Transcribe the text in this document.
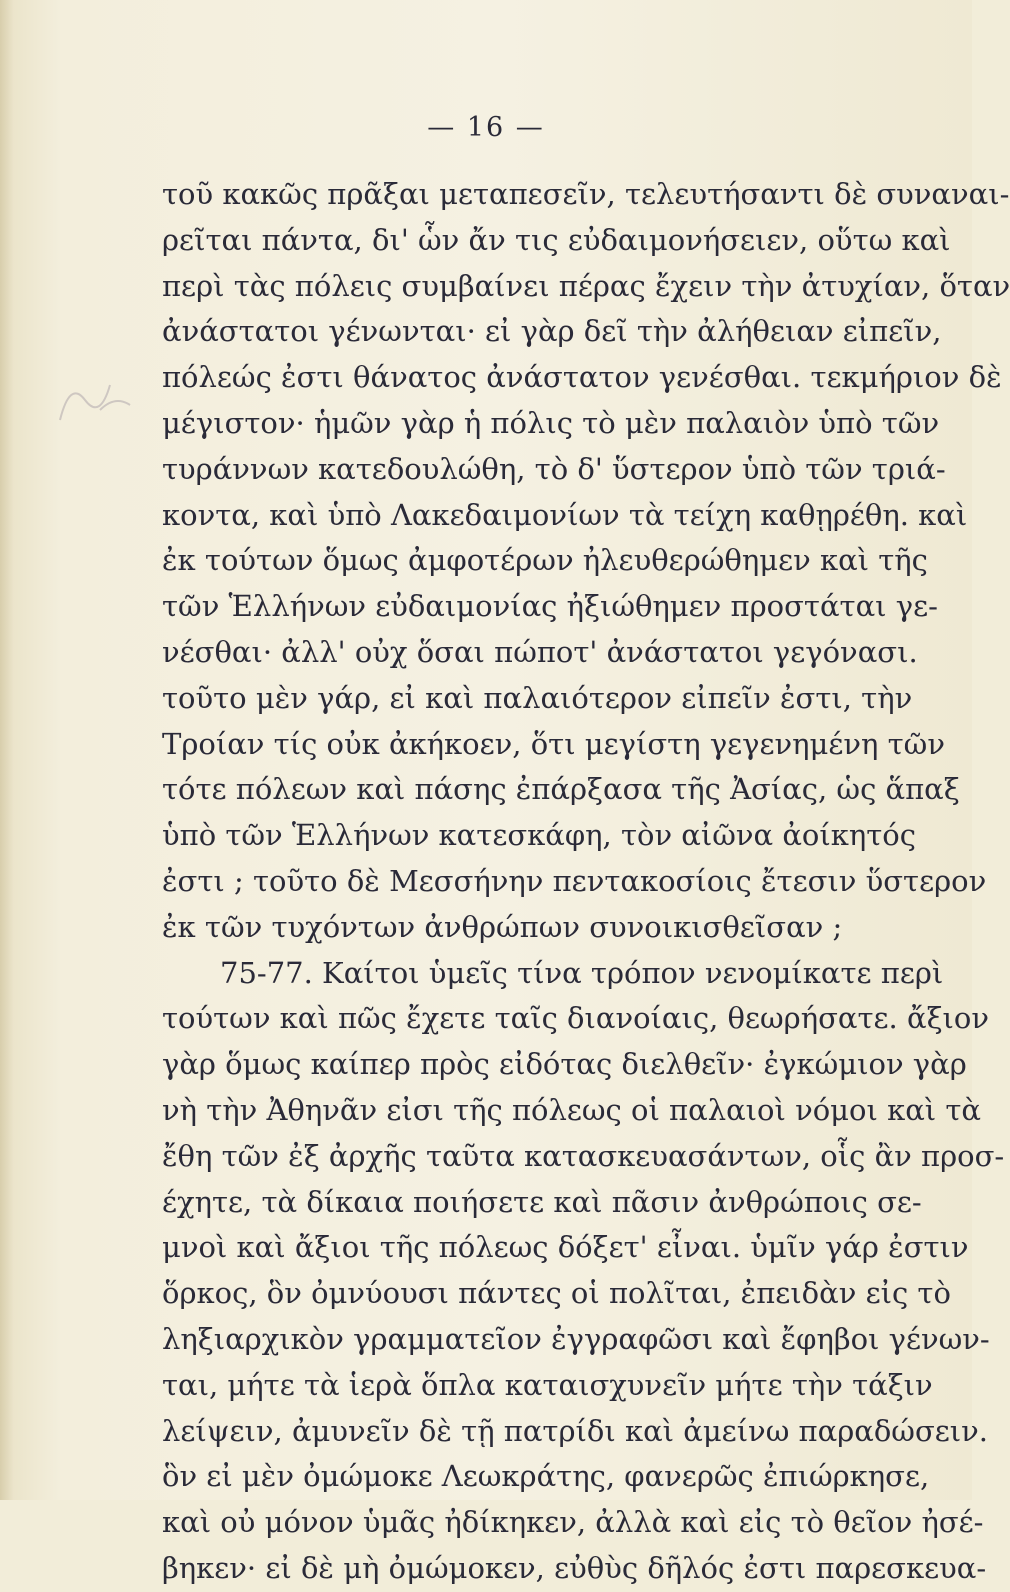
— 16 —
τοῦ κακῶς πρᾶξαι μεταπεσεῖν, τελευτήσαντι δὲ συναναι-
ρεῖται πάντα, δι' ὧν ἄν τις εὐδαιμονήσειεν, οὕτω καὶ
περὶ τὰς πόλεις συμβαίνει πέρας ἔχειν τὴν ἀτυχίαν, ὅταν
ἀνάστατοι γένωνται· εἰ γὰρ δεῖ τὴν ἀλήθειαν εἰπεῖν,
πόλεώς ἐστι θάνατος ἀνάστατον γενέσθαι. τεκμήριον δὲ
μέγιστον· ἡμῶν γὰρ ἡ πόλις τὸ μὲν παλαιὸν ὑπὸ τῶν
τυράννων κατεδουλώθη, τὸ δ' ὕστερον ὑπὸ τῶν τριά-
κοντα, καὶ ὑπὸ Λακεδαιμονίων τὰ τείχη καθῃρέθη. καὶ
ἐκ τούτων ὅμως ἀμφοτέρων ἠλευθερώθημεν καὶ τῆς
τῶν Ἑλλήνων εὐδαιμονίας ἠξιώθημεν προστάται γε-
νέσθαι· ἀλλ' οὐχ ὅσαι πώποτ' ἀνάστατοι γεγόνασι.
τοῦτο μὲν γάρ, εἰ καὶ παλαιότερον εἰπεῖν ἐστι, τὴν
Τροίαν τίς οὐκ ἀκήκοεν, ὅτι μεγίστη γεγενημένη τῶν
τότε πόλεων καὶ πάσης ἐπάρξασα τῆς Ἀσίας, ὡς ἅπαξ
ὑπὸ τῶν Ἑλλήνων κατεσκάφη, τὸν αἰῶνα ἀοίκητός
ἐστι ; τοῦτο δὲ Μεσσήνην πεντακοσίοις ἔτεσιν ὕστερον
ἐκ τῶν τυχόντων ἀνθρώπων συνοικισθεῖσαν ;
75-77. Καίτοι ὑμεῖς τίνα τρόπον νενομίκατε περὶ
τούτων καὶ πῶς ἔχετε ταῖς διανοίαις, θεωρήσατε. ἄξιον
γὰρ ὅμως καίπερ πρὸς εἰδότας διελθεῖν· ἐγκώμιον γὰρ
νὴ τὴν Ἀθηνᾶν εἰσι τῆς πόλεως οἱ παλαιοὶ νόμοι καὶ τὰ
ἔθη τῶν ἐξ ἀρχῆς ταῦτα κατασκευασάντων, οἷς ἂν προσ-
έχητε, τὰ δίκαια ποιήσετε καὶ πᾶσιν ἀνθρώποις σε-
μνοὶ καὶ ἄξιοι τῆς πόλεως δόξετ' εἶναι. ὑμῖν γάρ ἐστιν
ὅρκος, ὃν ὀμνύουσι πάντες οἱ πολῖται, ἐπειδὰν εἰς τὸ
ληξιαρχικὸν γραμματεῖον ἐγγραφῶσι καὶ ἔφηβοι γένων-
ται, μήτε τὰ ἱερὰ ὅπλα καταισχυνεῖν μήτε τὴν τάξιν
λείψειν, ἀμυνεῖν δὲ τῇ πατρίδι καὶ ἀμείνω παραδώσειν.
ὃν εἰ μὲν ὀμώμοκε Λεωκράτης, φανερῶς ἐπιώρκησε,
καὶ οὐ μόνον ὑμᾶς ἠδίκηκεν, ἀλλὰ καὶ εἰς τὸ θεῖον ἠσέ-
βηκεν· εἰ δὲ μὴ ὀμώμοκεν, εὐθὺς δῆλός ἐστι παρεσκευα-
